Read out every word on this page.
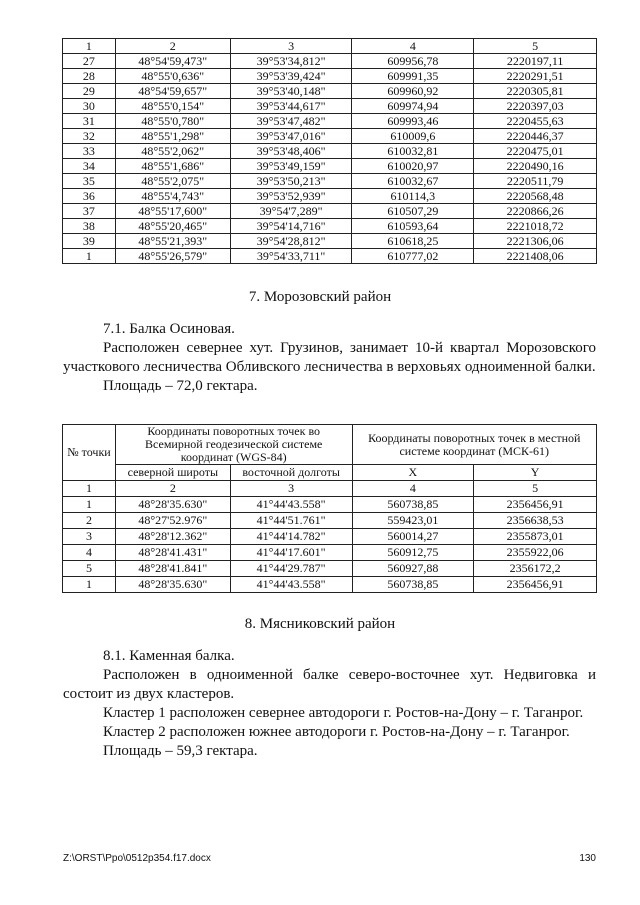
1	2	3	4	5
27	48°54'59,473"	39°53'34,812"	609956,78	2220197,11
28	48°55'0,636"	39°53'39,424"	609991,35	2220291,51
29	48°54'59,657"	39°53'40,148"	609960,92	2220305,81
30	48°55'0,154"	39°53'44,617"	609974,94	2220397,03
31	48°55'0,780"	39°53'47,482"	609993,46	2220455,63
32	48°55'1,298"	39°53'47,016"	610009,6	2220446,37
33	48°55'2,062"	39°53'48,406"	610032,81	2220475,01
34	48°55'1,686"	39°53'49,159"	610020,97	2220490,16
35	48°55'2,075"	39°53'50,213"	610032,67	2220511,79
36	48°55'4,743"	39°53'52,939"	610114,3	2220568,48
37	48°55'17,600"	39°54'7,289"	610507,29	2220866,26
38	48°55'20,465"	39°54'14,716"	610593,64	2221018,72
39	48°55'21,393"	39°54'28,812"	610618,25	2221306,06
1	48°55'26,579"	39°54'33,711"	610777,02	2221408,06
7. Морозовский район

7.1. Балка Осиновая.

Расположен севернее хут. Грузинов, занимает 10-й квартал Морозовского участкового лесничества Обливского лесничества в верховьях одноименной балки.

Площадь – 72,0 гектара.

№ точки	Координаты поворотных точек во Всемирной геодезической системе координат (WGS-84)		Координаты поворотных точек в местной системе координат (МСК-61)	
	северной широты	восточной долготы	X	Y
1	2	3	4	5
1	48°28'35.630"	41°44'43.558"	560738,85	2356456,91
2	48°27'52.976"	41°44'51.761"	559423,01	2356638,53
3	48°28'12.362"	41°44'14.782"	560014,27	2355873,01
4	48°28'41.431"	41°44'17.601"	560912,75	2355922,06
5	48°28'41.841"	41°44'29.787"	560927,88	2356172,2
1	48°28'35.630"	41°44'43.558"	560738,85	2356456,91
8. Мясниковский район

8.1. Каменная балка.

Расположен в одноименной балке северо-восточнее хут. Недвиговка и состоит из двух кластеров.

Кластер 1 расположен севернее автодороги г. Ростов-на-Дону – г. Таганрог.

Кластер 2 расположен южнее автодороги г. Ростов-на-Дону – г. Таганрог.

Площадь – 59,3 гектара.

Z:\ORST\Ppo\0512p354.f17.docx	130
